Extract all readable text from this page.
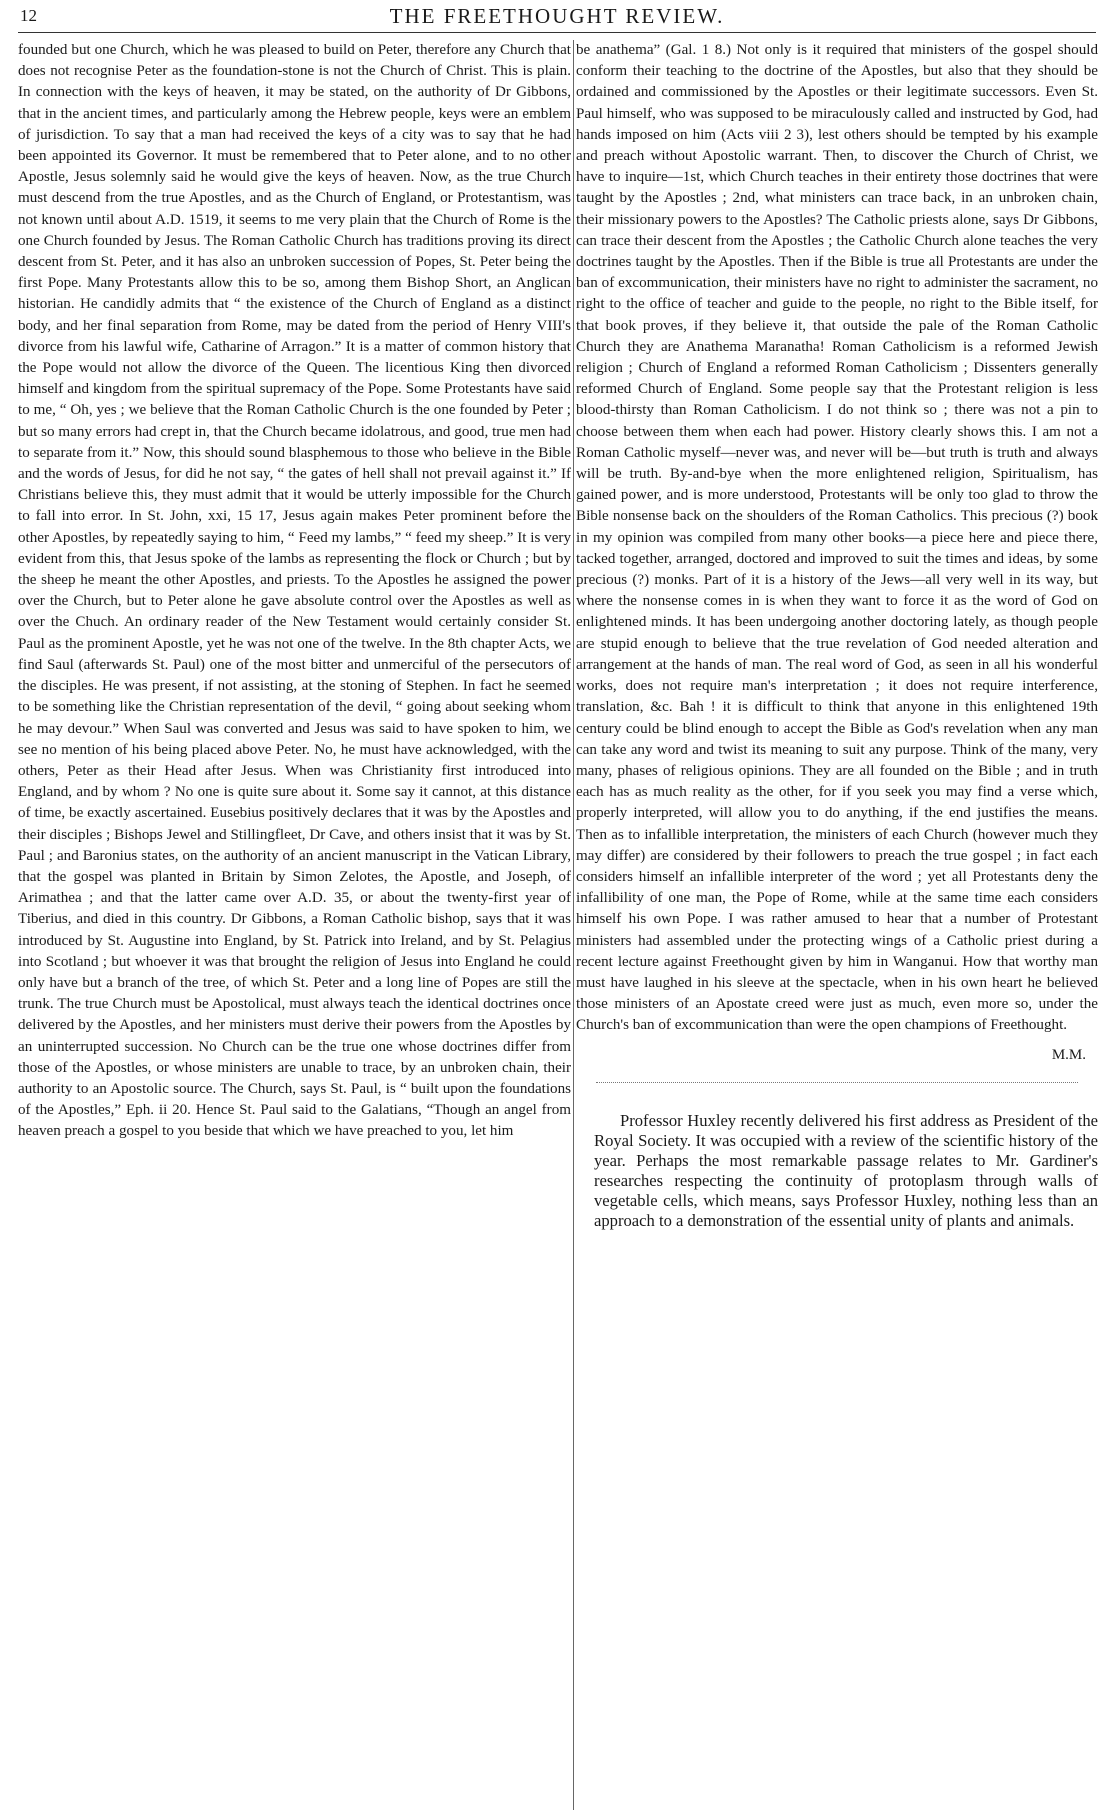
12	THE FREETHOUGHT REVIEW.

founded but one Church, which he was pleased to build on Peter, therefore any Church that does not recognise Peter as the foundation-stone is not the Church of Christ. This is plain. In connection with the keys of heaven, it may be stated, on the authority of Dr Gibbons, that in the ancient times, and particularly among the Hebrew people, keys were an emblem of jurisdiction. To say that a man had received the keys of a city was to say that he had been appointed its Governor. It must be remembered that to Peter alone, and to no other Apostle, Jesus solemnly said he would give the keys of heaven. Now, as the true Church must descend from the true Apostles, and as the Church of England, or Protestantism, was not known until about A.D. 1519, it seems to me very plain that the Church of Rome is the one Church founded by Jesus. The Roman Catholic Church has traditions proving its direct descent from St. Peter, and it has also an unbroken succession of Popes, St. Peter being the first Pope. Many Protestants allow this to be so, among them Bishop Short, an Anglican historian. He candidly admits that “ the existence of the Church of England as a distinct body, and her final separation from Rome, may be dated from the period of Henry VIII's divorce from his lawful wife, Catharine of Arragon.” It is a matter of common history that the Pope would not allow the divorce of the Queen. The licentious King then divorced himself and kingdom from the spiritual supremacy of the Pope. Some Protestants have said to me, “ Oh, yes ; we believe that the Roman Catholic Church is the one founded by Peter ; but so many errors had crept in, that the Church became idolatrous, and good, true men had to separate from it.” Now, this should sound blasphemous to those who believe in the Bible and the words of Jesus, for did he not say, “ the gates of hell shall not prevail against it.” If Christians believe this, they must admit that it would be utterly impossible for the Church to fall into error. In St. John, xxi, 15 17, Jesus again makes Peter prominent before the other Apostles, by repeatedly saying to him, “ Feed my lambs,” “ feed my sheep.” It is very evident from this, that Jesus spoke of the lambs as representing the flock or Church ; but by the sheep he meant the other Apostles, and priests. To the Apostles he assigned the power over the Church, but to Peter alone he gave absolute control over the Apostles as well as over the Chuch. An ordinary reader of the New Testament would certainly consider St. Paul as the prominent Apostle, yet he was not one of the twelve. In the 8th chapter Acts, we find Saul (afterwards St. Paul) one of the most bitter and unmerciful of the persecutors of the disciples. He was present, if not assisting, at the stoning of Stephen. In fact he seemed to be something like the Christian representation of the devil, “ going about seeking whom he may devour.” When Saul was converted and Jesus was said to have spoken to him, we see no mention of his being placed above Peter. No, he must have acknowledged, with the others, Peter as their Head after Jesus. When was Christianity first introduced into England, and by whom ? No one is quite sure about it. Some say it cannot, at this distance of time, be exactly ascertained. Eusebius positively declares that it was by the Apostles and their disciples ; Bishops Jewel and Stillingfleet, Dr Cave, and others insist that it was by St. Paul ; and Baronius states, on the authority of an ancient manuscript in the Vatican Library, that the gospel was planted in Britain by Simon Zelotes, the Apostle, and Joseph, of Arimathea ; and that the latter came over A.D. 35, or about the twenty-first year of Tiberius, and died in this country. Dr Gibbons, a Roman Catholic bishop, says that it was introduced by St. Augustine into England, by St. Patrick into Ireland, and by St. Pelagius into Scotland ; but whoever it was that brought the religion of Jesus into England he could only have but a branch of the tree, of which St. Peter and a long line of Popes are still the trunk. The true Church must be Apostolical, must always teach the identical doctrines once delivered by the Apostles, and her ministers must derive their powers from the Apostles by an uninterrupted succession. No Church can be the true one whose doctrines differ from those of the Apostles, or whose ministers are unable to trace, by an unbroken chain, their authority to an Apostolic source. The Church, says St. Paul, is “ built upon the foundations of the Apostles,” Eph. ii 20. Hence St. Paul said to the Galatians, “Though an angel from heaven preach a gospel to you beside that which we have preached to you, let him

be anathema” (Gal. 1 8.) Not only is it required that ministers of the gospel should conform their teaching to the doctrine of the Apostles, but also that they should be ordained and commissioned by the Apostles or their legitimate successors. Even St. Paul himself, who was supposed to be miraculously called and instructed by God, had hands imposed on him (Acts viii 2 3), lest others should be tempted by his example and preach without Apostolic warrant. Then, to discover the Church of Christ, we have to inquire—1st, which Church teaches in their entirety those doctrines that were taught by the Apostles ; 2nd, what ministers can trace back, in an unbroken chain, their missionary powers to the Apostles? The Catholic priests alone, says Dr Gibbons, can trace their descent from the Apostles ; the Catholic Church alone teaches the very doctrines taught by the Apostles. Then if the Bible is true all Protestants are under the ban of excommunication, their ministers have no right to administer the sacrament, no right to the office of teacher and guide to the people, no right to the Bible itself, for that book proves, if they believe it, that outside the pale of the Roman Catholic Church they are Anathema Maranatha! Roman Catholicism is a reformed Jewish religion ; Church of England a reformed Roman Catholicism ; Dissenters generally reformed Church of England. Some people say that the Protestant religion is less blood-thirsty than Roman Catholicism. I do not think so ; there was not a pin to choose between them when each had power. History clearly shows this. I am not a Roman Catholic myself—never was, and never will be—but truth is truth and always will be truth. By-and-bye when the more enlightened religion, Spiritualism, has gained power, and is more understood, Protestants will be only too glad to throw the Bible nonsense back on the shoulders of the Roman Catholics. This precious (?) book in my opinion was compiled from many other books—a piece here and piece there, tacked together, arranged, doctored and improved to suit the times and ideas, by some precious (?) monks. Part of it is a history of the Jews—all very well in its way, but where the nonsense comes in is when they want to force it as the word of God on enlightened minds. It has been undergoing another doctoring lately, as though people are stupid enough to believe that the true revelation of God needed alteration and arrangement at the hands of man. The real word of God, as seen in all his wonderful works, does not require man's interpretation ; it does not require interference, translation, &c. Bah ! it is difficult to think that anyone in this enlightened 19th century could be blind enough to accept the Bible as God's revelation when any man can take any word and twist its meaning to suit any purpose. Think of the many, very many, phases of religious opinions. They are all founded on the Bible ; and in truth each has as much reality as the other, for if you seek you may find a verse which, properly interpreted, will allow you to do anything, if the end justifies the means. Then as to infallible interpretation, the ministers of each Church (however much they may differ) are considered by their followers to preach the true gospel ; in fact each considers himself an infallible interpreter of the word ; yet all Protestants deny the infallibility of one man, the Pope of Rome, while at the same time each considers himself his own Pope. I was rather amused to hear that a number of Protestant ministers had assembled under the protecting wings of a Catholic priest during a recent lecture against Freethought given by him in Wanganui. How that worthy man must have laughed in his sleeve at the spectacle, when in his own heart he believed those ministers of an Apostate creed were just as much, even more so, under the Church's ban of excommunication than were the open champions of Freethought.

M.M.

Professor Huxley recently delivered his first address as President of the Royal Society. It was occupied with a review of the scientific history of the year. Perhaps the most remarkable passage relates to Mr. Gardiner's researches respecting the continuity of protoplasm through walls of vegetable cells, which means, says Professor Huxley, nothing less than an approach to a demonstration of the essential unity of plants and animals.
